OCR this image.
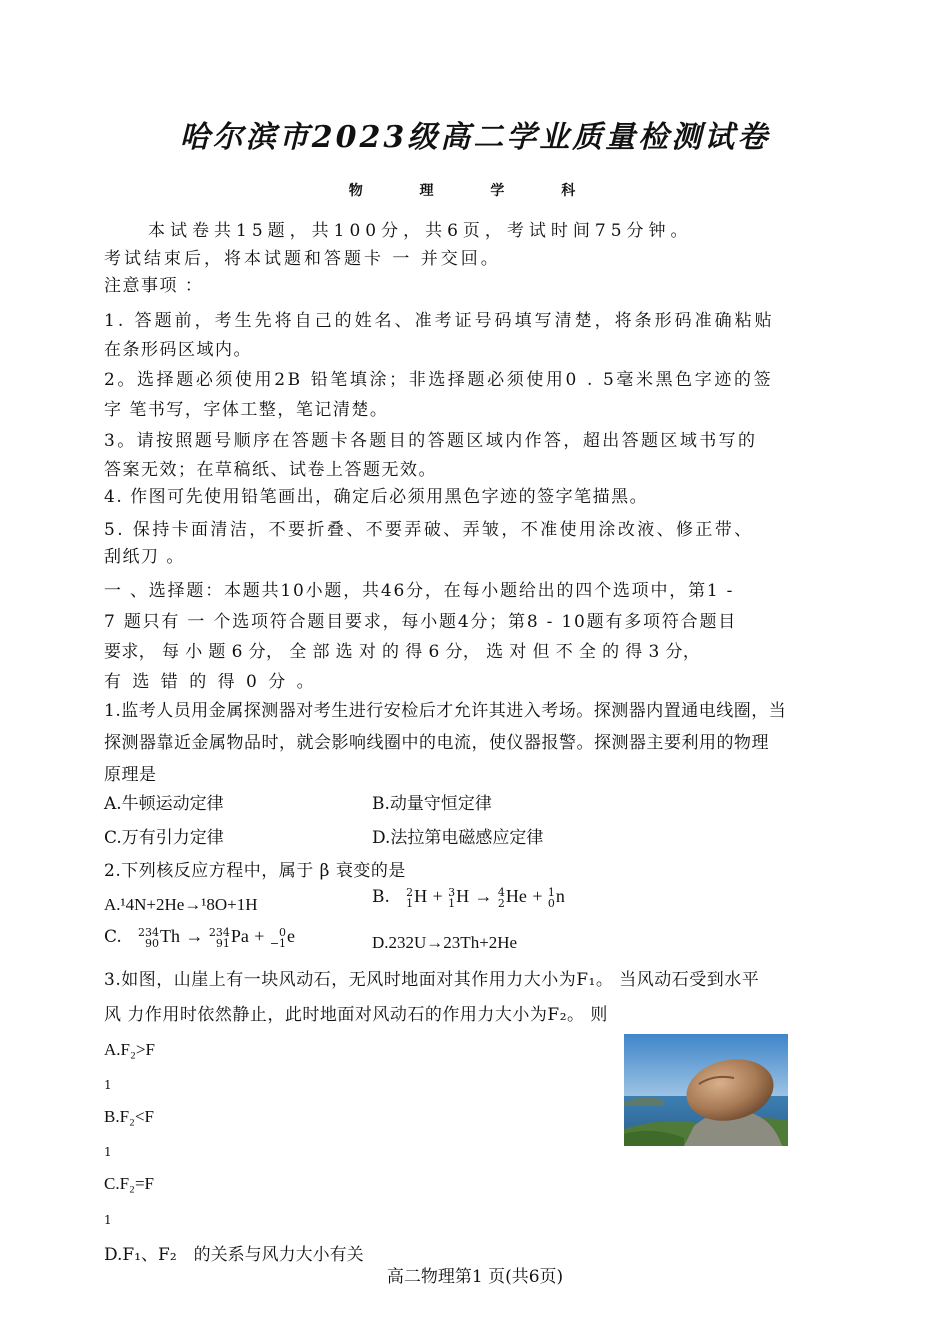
哈尔滨市2023级高二学业质量检测试卷
物 理 学 科
本试卷共15题，共100分，共6页，考试时间75分钟。
考试结束后，将本试题和答题卡 一 并交回。
注意事项 ：
1. 答题前，考生先将自己的姓名、准考证号码填写清楚，将条形码准确粘贴
在条形码区域内。
2。选择题必须使用2B 铅笔填涂；非选择题必须使用0 . 5毫米黑色字迹的签
字 笔书写，字体工整，笔记清楚。
3。请按照题号顺序在答题卡各题目的答题区域内作答，超出答题区域书写的
答案无效；在草稿纸、试卷上答题无效。
4. 作图可先使用铅笔画出，确定后必须用黑色字迹的签字笔描黑。
5. 保持卡面清洁，不要折叠、不要弄破、弄皱，不准使用涂改液、修正带、
刮纸刀 。
一 、选择题：本题共10小题，共46分，在每小题给出的四个选项中，第1 -
7 题只有 一 个选项符合题目要求，每小题4分；第8 - 10题有多项符合题目
要求， 每 小 题 6 分， 全 部 选 对 的 得 6 分， 选 对 但 不 全 的 得 3 分，
有 选 错 的 得 0 分 。
1.监考人员用金属探测器对考生进行安检后才允许其进入考场。探测器内置通电线圈，当
探测器靠近金属物品时，就会影响线圈中的电流，使仪器报警。探测器主要利用的物理
原理是
A.牛顿运动定律	B.动量守恒定律
C.万有引力定律	D.法拉第电磁感应定律
2.下列核反应方程中，属于 β 衰变的是
A.¹4N+2He→¹8O+1H	B. 2
1 H + 3
1 H → 4
2 He + 1
0 n
C. 234
90 Th → 234
91 Pa +	0
−1 e	D.232U→23Th+2He
3.如图，山崖上有一块风动石，无风时地面对其作用力大小为F₁。 当风动石受到水平
风 力作用时依然静止，此时地面对风动石的作用力大小为F₂。 则
A.F₂>F
1
B.F₂<F
1
C.F₂=F
1
D.F₁、F₂　的关系与风力大小有关
高二物理第1 页(共6页)
